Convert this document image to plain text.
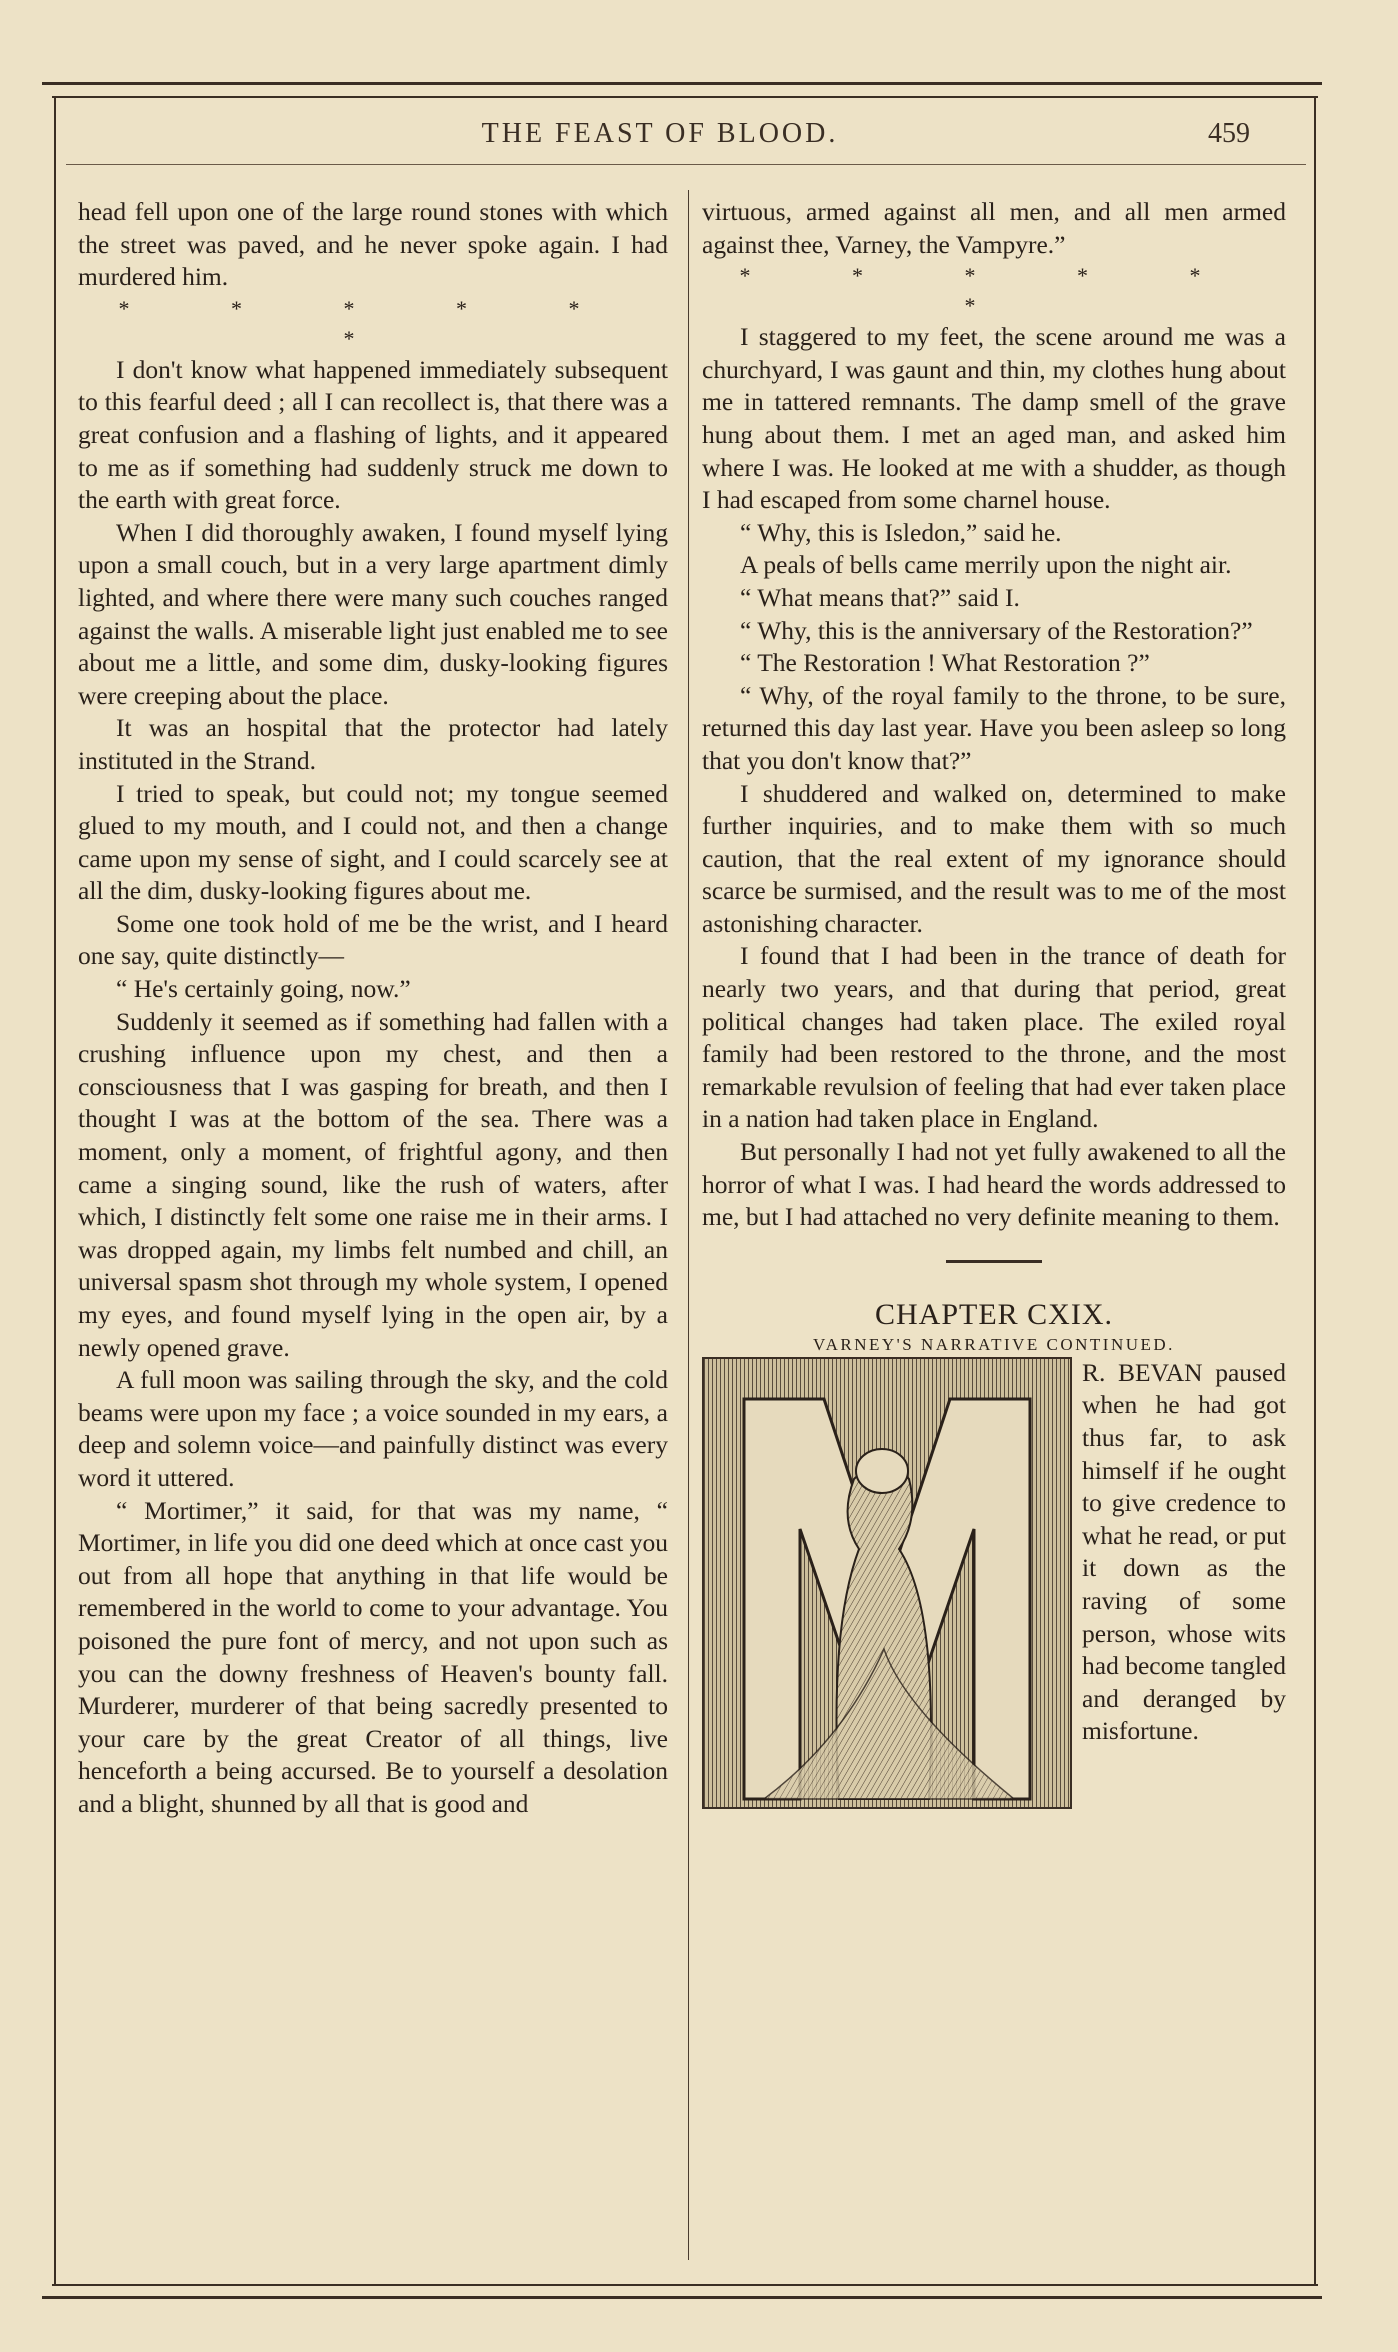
THE FEAST OF BLOOD.	459

head fell upon one of the large round stones with which the street was paved, and he never spoke again. I had murdered him.

* * * * * *

I don't know what happened immediately subsequent to this fearful deed ; all I can recollect is, that there was a great confusion and a flashing of lights, and it appeared to me as if something had suddenly struck me down to the earth with great force.

When I did thoroughly awaken, I found myself lying upon a small couch, but in a very large apartment dimly lighted, and where there were many such couches ranged against the walls. A miserable light just enabled me to see about me a little, and some dim, dusky-looking figures were creeping about the place.

It was an hospital that the protector had lately instituted in the Strand.

I tried to speak, but could not; my tongue seemed glued to my mouth, and I could not, and then a change came upon my sense of sight, and I could scarcely see at all the dim, dusky-looking figures about me.

Some one took hold of me be the wrist, and I heard one say, quite distinctly—

“ He's certainly going, now.”

Suddenly it seemed as if something had fallen with a crushing influence upon my chest, and then a consciousness that I was gasping for breath, and then I thought I was at the bottom of the sea. There was a moment, only a moment, of frightful agony, and then came a singing sound, like the rush of waters, after which, I distinctly felt some one raise me in their arms. I was dropped again, my limbs felt numbed and chill, an universal spasm shot through my whole system, I opened my eyes, and found myself lying in the open air, by a newly opened grave.

A full moon was sailing through the sky, and the cold beams were upon my face ; a voice sounded in my ears, a deep and solemn voice—and painfully distinct was every word it uttered.

“ Mortimer,” it said, for that was my name, “ Mortimer, in life you did one deed which at once cast you out from all hope that anything in that life would be remembered in the world to come to your advantage. You poisoned the pure font of mercy, and not upon such as you can the downy freshness of Heaven's bounty fall. Murderer, murderer of that being sacredly presented to your care by the great Creator of all things, live henceforth a being accursed. Be to yourself a desolation and a blight, shunned by all that is good and

virtuous, armed against all men, and all men armed against thee, Varney, the Vampyre.”

* * * * * *

I staggered to my feet, the scene around me was a churchyard, I was gaunt and thin, my clothes hung about me in tattered remnants. The damp smell of the grave hung about them. I met an aged man, and asked him where I was. He looked at me with a shudder, as though I had escaped from some charnel house.

“ Why, this is Isledon,” said he.

A peals of bells came merrily upon the night air.

“ What means that?” said I.

“ Why, this is the anniversary of the Restoration?”

“ The Restoration ! What Restoration ?”

“ Why, of the royal family to the throne, to be sure, returned this day last year. Have you been asleep so long that you don't know that?”

I shuddered and walked on, determined to make further inquiries, and to make them with so much caution, that the real extent of my ignorance should scarce be surmised, and the result was to me of the most astonishing character.

I found that I had been in the trance of death for nearly two years, and that during that period, great political changes had taken place. The exiled royal family had been restored to the throne, and the most remarkable revulsion of feeling that had ever taken place in a nation had taken place in England.

But personally I had not yet fully awakened to all the horror of what I was. I had heard the words addressed to me, but I had attached no very definite meaning to them.

CHAPTER CXIX.

VARNEY'S NARRATIVE CONTINUED.

R. BEVAN paused when he had got thus far, to ask himself if he ought to give credence to what he read, or put it down as the raving of some person, whose wits had become tangled and deranged by misfortune.
